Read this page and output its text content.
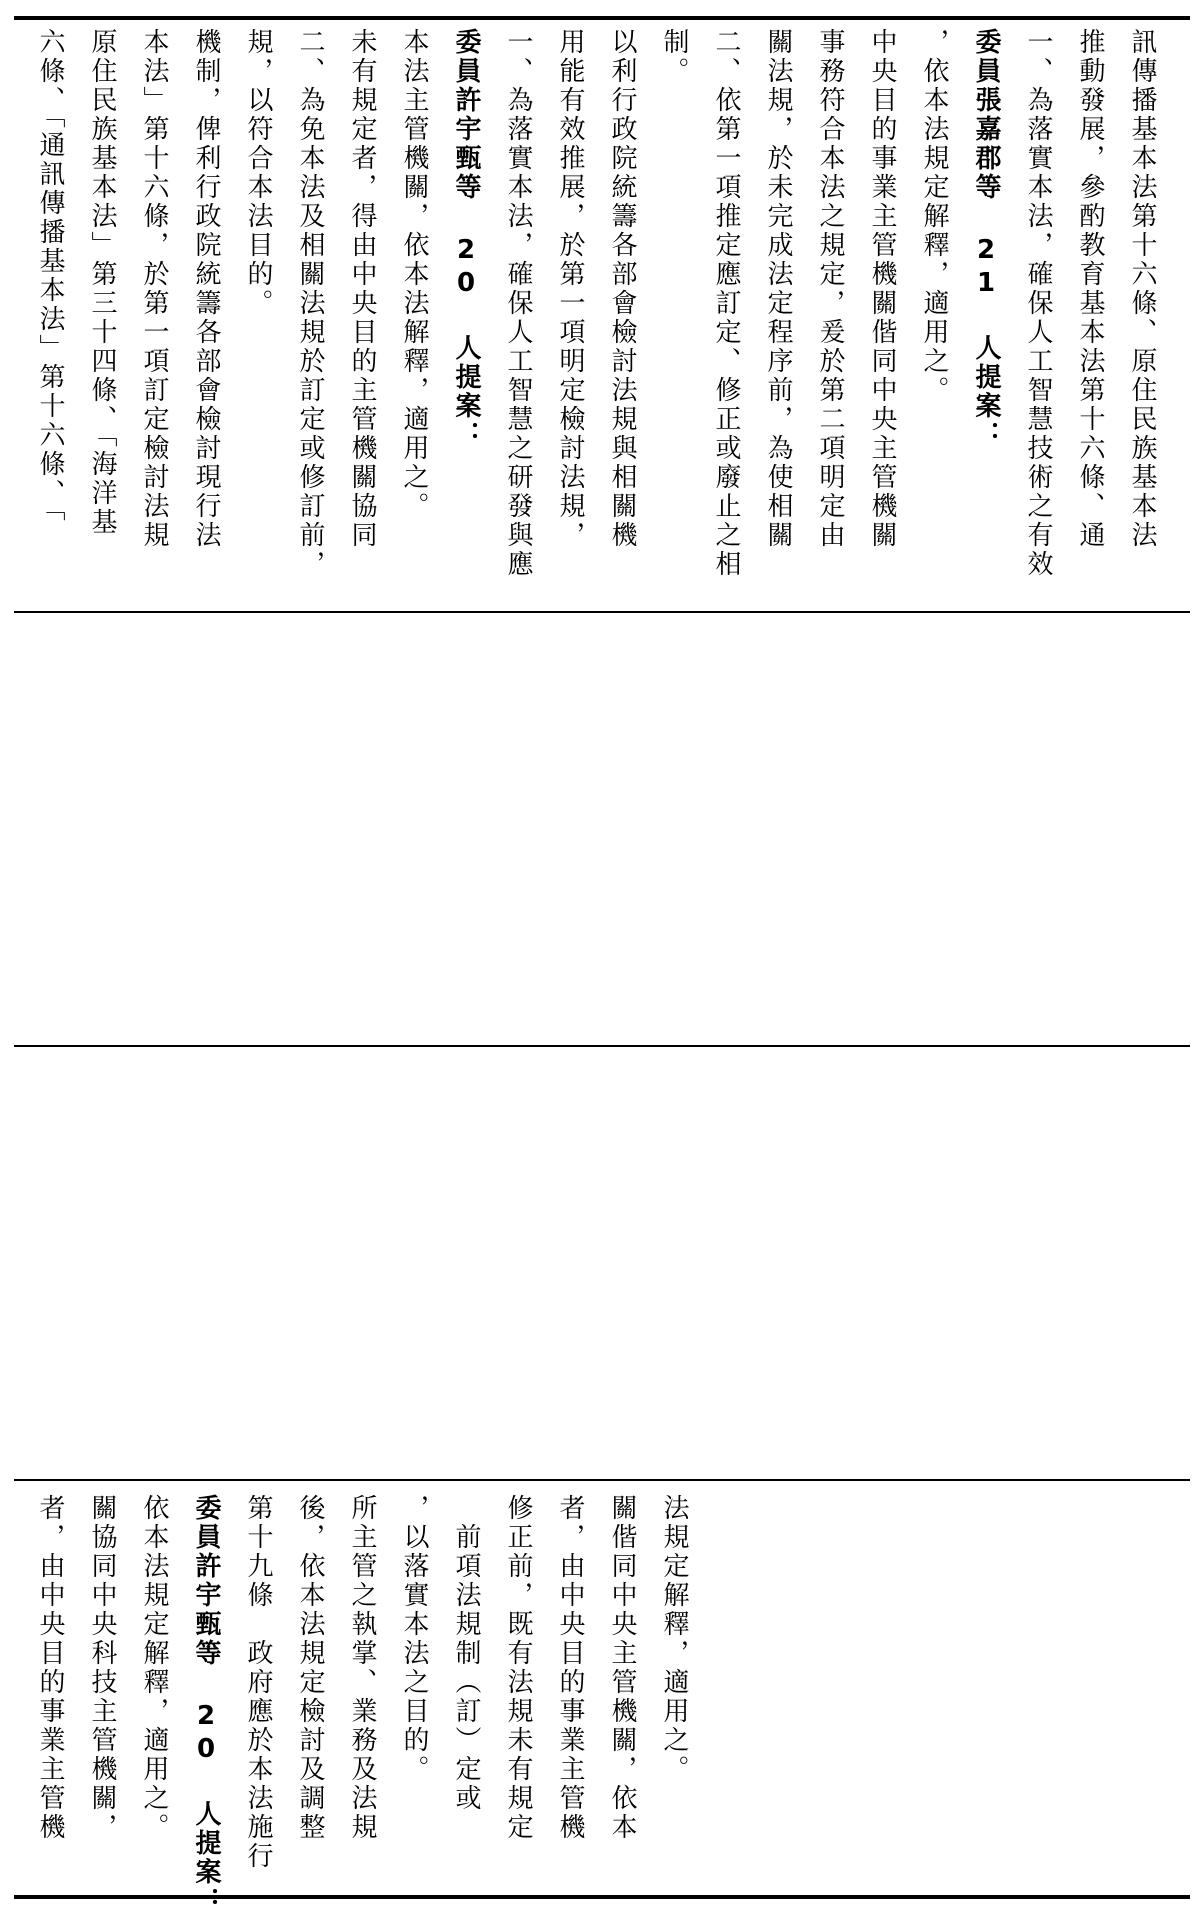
六條、「通訊傳播基本法」第十六條、「 原住民族基本法」第三十四條、「海洋基 本法」第十六條，於第一項訂定檢討法規 機制，俾利行政院統籌各部會檢討現行法 規，以符合本法目的。 二、為免本法及相關法規於訂定或修訂前， 未有規定者，得由中央目的主管機關協同 本法主管機關，依本法解釋，適用之。 委員許宇甄等 20 人提案： 一、為落實本法，確保人工智慧之研發與應 用能有效推展，於第一項明定檢討法規， 以利行政院統籌各部會檢討法規與相關機 制。 二、依第一項推定應訂定、修正或廢止之相 關法規，於未完成法定程序前，為使相關 事務符合本法之規定，爰於第二項明定由 中央目的事業主管機關偕同中央主管機關 ，依本法規定解釋，適用之。 委員張嘉郡等 21 人提案： 一、為落實本法，確保人工智慧技術之有效 推動發展，參酌教育基本法第十六條、通 訊傳播基本法第十六條、原住民族基本法
者，由中央目的事業主管機 關協同中央科技主管機關， 依本法規定解釋，適用之。 委員許宇甄等 20 人提案： 第十九條　政府應於本法施行 後，依本法規定檢討及調整 所主管之執掌、業務及法規 ，以落實本法之目的。 　前項法規制（訂）定或 修正前，既有法規未有規定 者，由中央目的事業主管機 關偕同中央主管機關，依本 法規定解釋，適用之。
